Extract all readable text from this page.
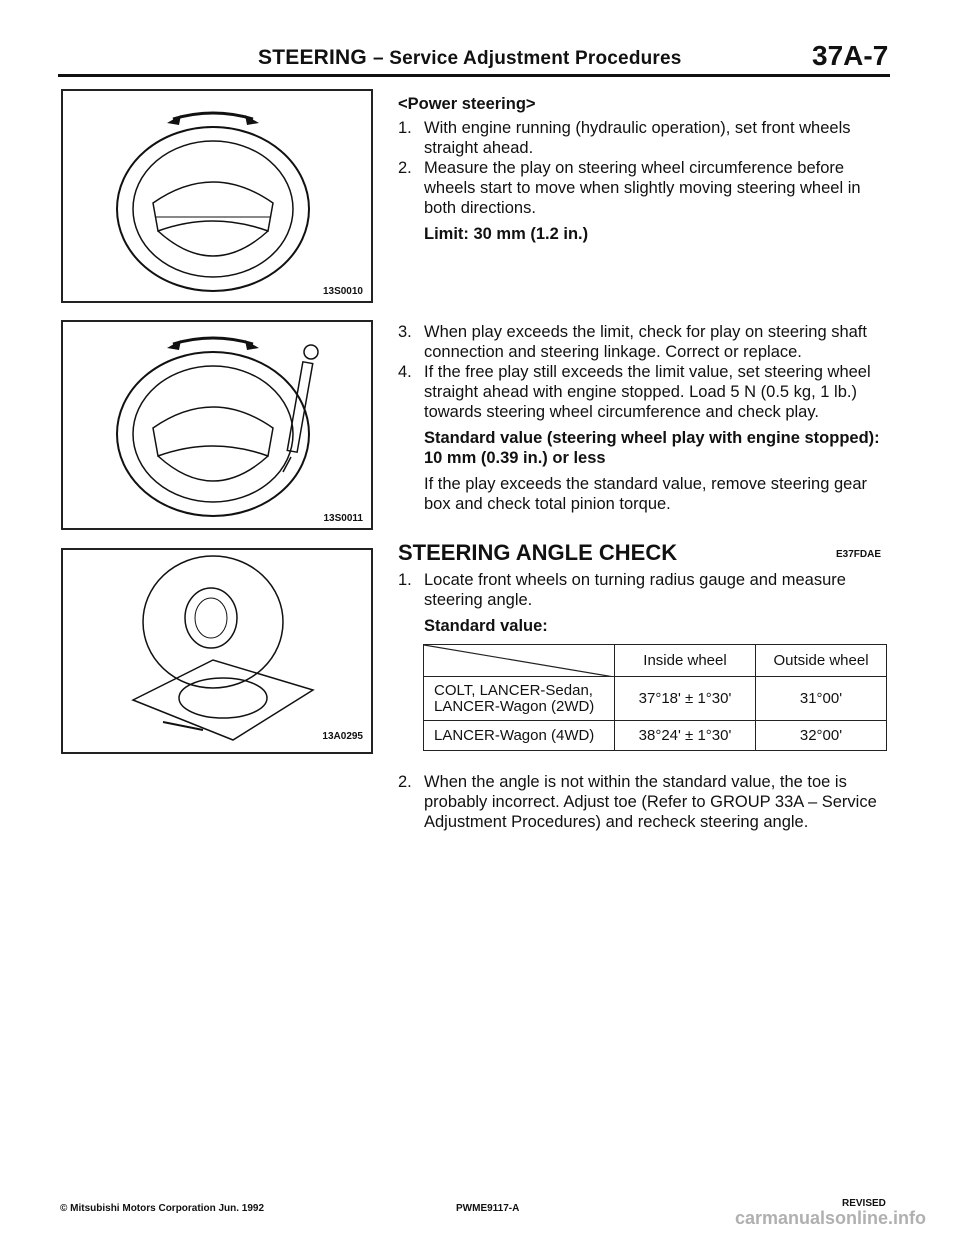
STEERING – Service Adjustment Procedures	37A-7
13S0010
13S0011
13A0295
<Power steering>
1. With engine running (hydraulic operation), set front wheels straight ahead.
2. Measure the play on steering wheel circumference before wheels start to move when slightly moving steering wheel in both directions.
Limit: 30 mm (1.2 in.)
3. When play exceeds the limit, check for play on steering shaft connection and steering linkage. Correct or replace.
4. If the free play still exceeds the limit value, set steering wheel straight ahead with engine stopped. Load 5 N (0.5 kg, 1 lb.) towards steering wheel circumference and check play.
Standard value (steering wheel play with engine stopped): 10 mm (0.39 in.) or less
If the play exceeds the standard value, remove steering gear box and check total pinion torque.
STEERING ANGLE CHECK	E37FDAE
1. Locate front wheels on turning radius gauge and measure steering angle.
Standard value:
	Inside wheel	Outside wheel
COLT, LANCER-Sedan, LANCER-Wagon (2WD)	37°18' ± 1°30'	31°00'
LANCER-Wagon (4WD)	38°24' ± 1°30'	32°00'
2. When the angle is not within the standard value, the toe is probably incorrect. Adjust toe (Refer to GROUP 33A – Service Adjustment Procedures) and recheck steering angle.
© Mitsubishi Motors Corporation Jun. 1992	PWME9117-A	REVISED
carmanualsonline.info
